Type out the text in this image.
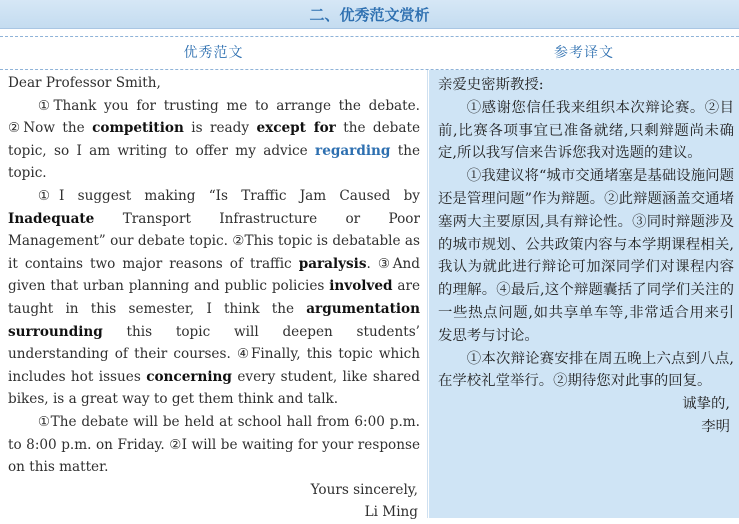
二、优秀范文赏析
优秀范文	参考译文

Dear Professor Smith,

①Thank you for trusting me to arrange the debate. ②Now the competition is ready except for the debate topic, so I am writing to offer my advice regarding the topic.

①I suggest making “Is Traffic Jam Caused by Inadequate Transport Infrastructure or Poor Management” our debate topic. ②This topic is debatable as it contains two major reasons of traffic paralysis. ③And given that urban planning and public policies involved are taught in this semester, I think the argumentation surrounding this topic will deepen students’ understanding of their courses. ④Finally, this topic which includes hot issues concerning every student, like shared bikes, is a great way to get them think and talk.

①The debate will be held at school hall from 6:00 p.m. to 8:00 p.m. on Friday. ②I will be waiting for your response on this matter.

Yours sincerely,

Li Ming

亲爱史密斯教授:

①感谢您信任我来组织本次辩论赛。②目前,比赛各项事宜已准备就绪,只剩辩题尚未确定,所以我写信来告诉您我对选题的建议。

①我建议将“城市交通堵塞是基础设施问题还是管理问题”作为辩题。②此辩题涵盖交通堵塞两大主要原因,具有辩论性。③同时辩题涉及的城市规划、公共政策内容与本学期课程相关,我认为就此进行辩论可加深同学们对课程内容的理解。④最后,这个辩题囊括了同学们关注的一些热点问题,如共享单车等,非常适合用来引发思考与讨论。

①本次辩论赛安排在周五晚上六点到八点,在学校礼堂举行。②期待您对此事的回复。

诚挚的,

李明
